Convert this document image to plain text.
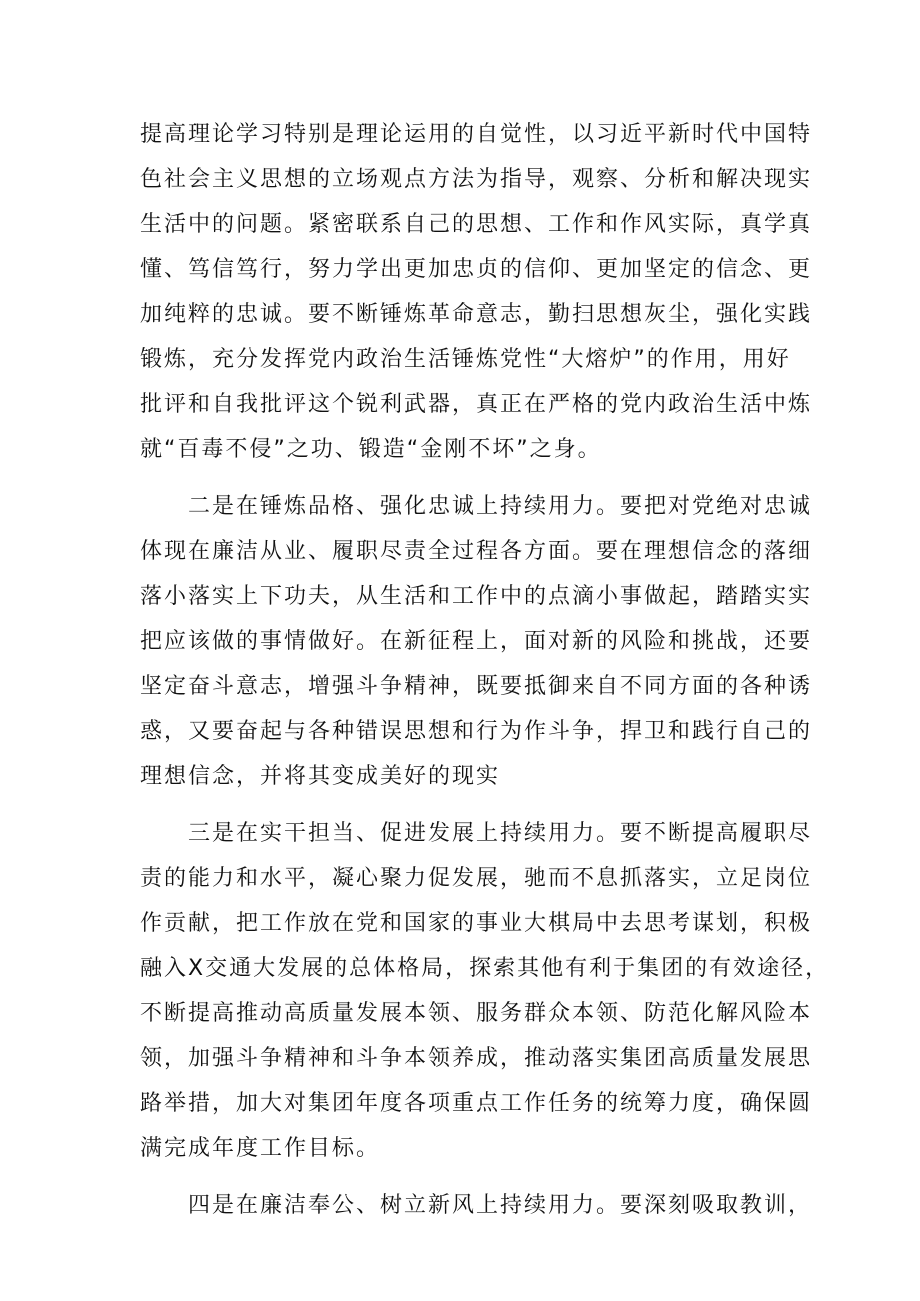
提高理论学习特别是理论运用的自觉性，以习近平新时代中国特
色社会主义思想的立场观点方法为指导，观察、分析和解决现实
生活中的问题。紧密联系自己的思想、工作和作风实际，真学真
懂、笃信笃行，努力学出更加忠贞的信仰、更加坚定的信念、更
加纯粹的忠诚。要不断锤炼革命意志，勤扫思想灰尘，强化实践
锻炼，充分发挥党内政治生活锤炼党性“大熔炉”的作用，用好
批评和自我批评这个锐利武器，真正在严格的党内政治生活中炼
就“百毒不侵”之功、锻造“金刚不坏”之身。
二是在锤炼品格、强化忠诚上持续用力。要把对党绝对忠诚
体现在廉洁从业、履职尽责全过程各方面。要在理想信念的落细
落小落实上下功夫，从生活和工作中的点滴小事做起，踏踏实实
把应该做的事情做好。在新征程上，面对新的风险和挑战，还要
坚定奋斗意志，增强斗争精神，既要抵御来自不同方面的各种诱
惑，又要奋起与各种错误思想和行为作斗争，捍卫和践行自己的
理想信念，并将其变成美好的现实
三是在实干担当、促进发展上持续用力。要不断提高履职尽
责的能力和水平，凝心聚力促发展，驰而不息抓落实，立足岗位
作贡献，把工作放在党和国家的事业大棋局中去思考谋划，积极
融入X交通大发展的总体格局，探索其他有利于集团的有效途径，
不断提高推动高质量发展本领、服务群众本领、防范化解风险本
领，加强斗争精神和斗争本领养成，推动落实集团高质量发展思
路举措，加大对集团年度各项重点工作任务的统筹力度，确保圆
满完成年度工作目标。
四是在廉洁奉公、树立新风上持续用力。要深刻吸取教训，
